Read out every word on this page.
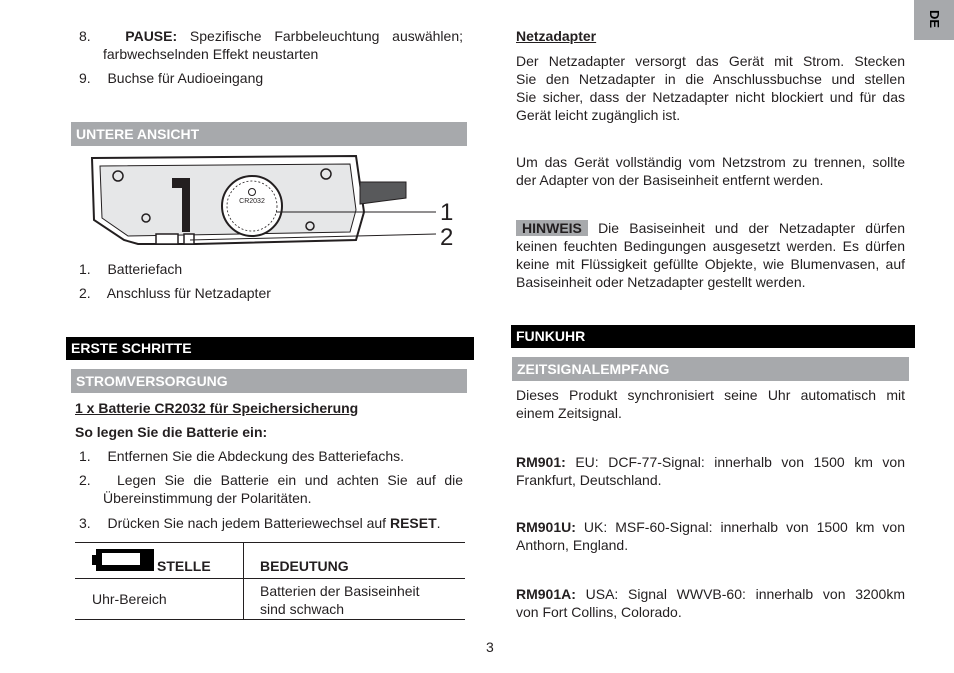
DE
8. PAUSE: Spezifische Farbbeleuchtung auswählen;
farbwechselnden Effekt neustarten
9. Buchse für Audioeingang
UNTERE ANSICHT
CR2032	1
2
1. Batteriefach
2. Anschluss für Netzadapter
ERSTE SCHRITTE
STROMVERSORGUNG
1 x Batterie CR2032 für Speichersicherung
So legen Sie die Batterie ein:
1. Entfernen Sie die Abdeckung des Batteriefachs.
2. Legen Sie die Batterie ein und achten Sie auf die
Übereinstimmung der Polaritäten.
3. Drücken Sie nach jedem Batteriewechsel auf RESET.
STELLE	BEDEUTUNG
Uhr-Bereich	Batterien der Basiseinheit
sind schwach
Netzadapter
Der Netzadapter versorgt das Gerät mit Strom. Stecken
Sie den Netzadapter in die Anschlussbuchse und stellen
Sie sicher, dass der Netzadapter nicht blockiert und für das
Gerät leicht zugänglich ist.
Um das Gerät vollständig vom Netzstrom zu trennen, sollte
der Adapter von der Basiseinheit entfernt werden.
HINWEIS Die Basiseinheit und der Netzadapter dürfen
keinen feuchten Bedingungen ausgesetzt werden. Es dürfen
keine mit Flüssigkeit gefüllte Objekte, wie Blumenvasen, auf
Basiseinheit oder Netzadapter gestellt werden.
FUNKUHR
ZEITSIGNALEMPFANG
Dieses Produkt synchronisiert seine Uhr automatisch mit
einem Zeitsignal.
RM901: EU: DCF-77-Signal: innerhalb von 1500 km von
Frankfurt, Deutschland.
RM901U: UK: MSF-60-Signal: innerhalb von 1500 km von
Anthorn, England.
RM901A: USA: Signal WWVB-60: innerhalb von 3200km
von Fort Collins, Colorado.
3
